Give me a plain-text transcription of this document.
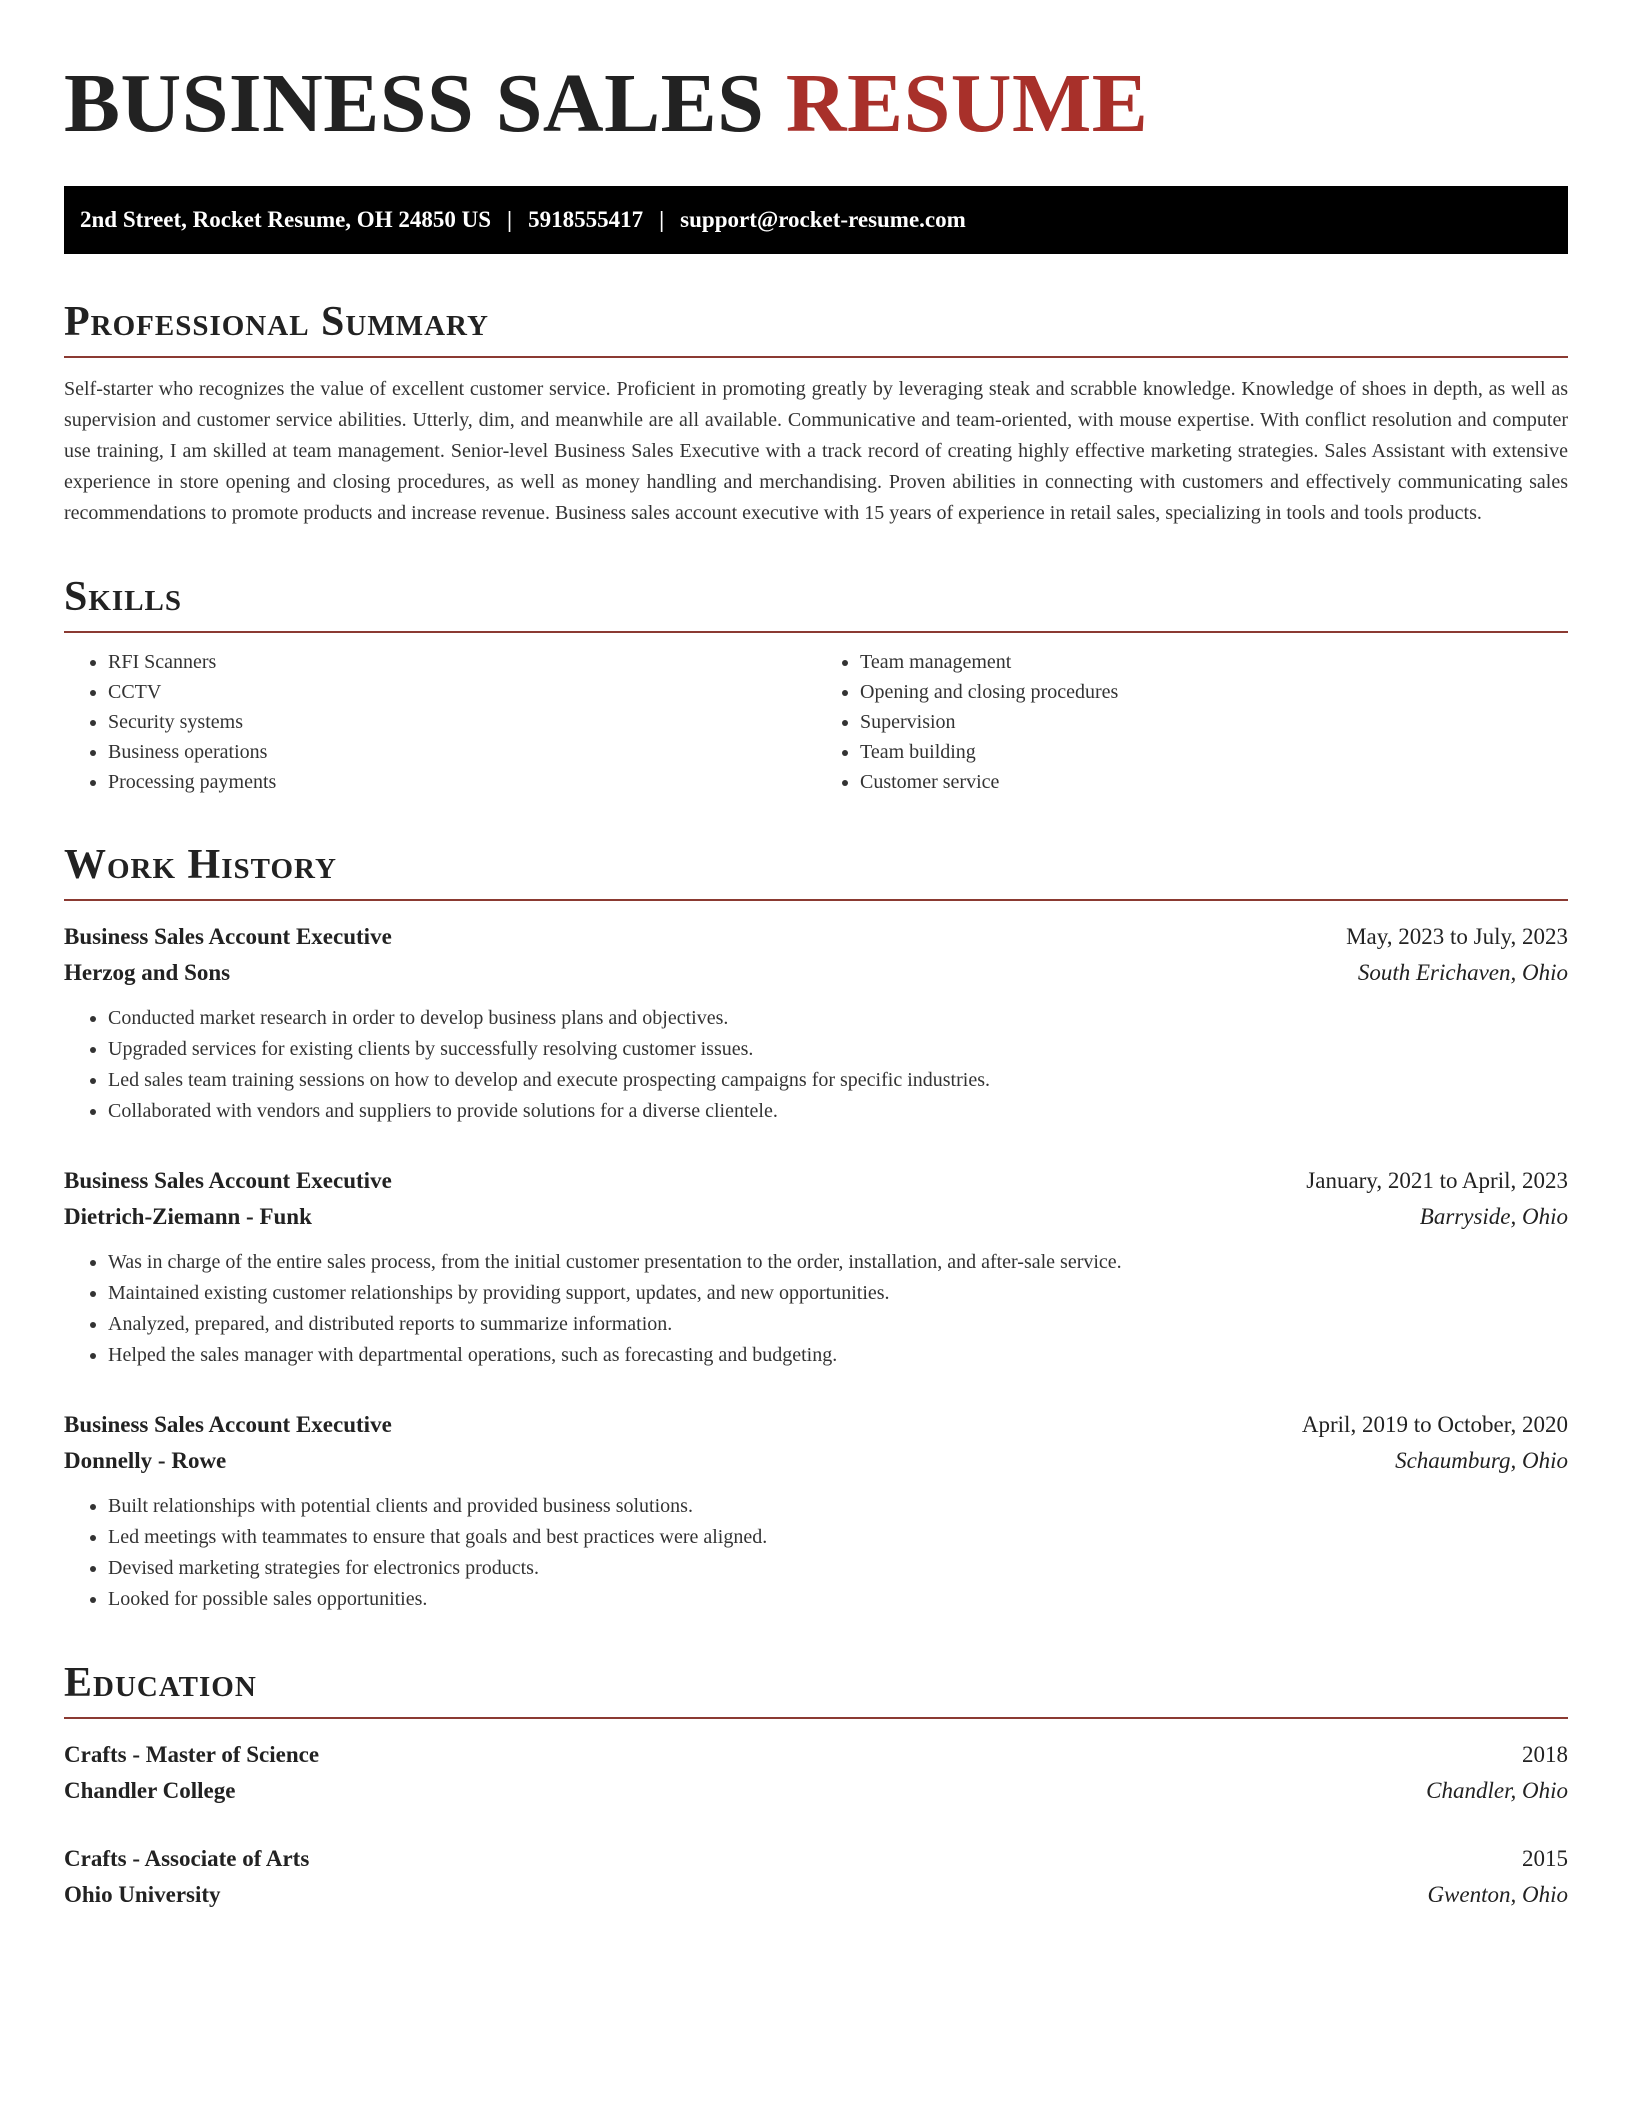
BUSINESS SALES RESUME
2nd Street, Rocket Resume, OH 24850 US | 5918555417 | support@rocket-resume.com
Professional Summary

Self-starter who recognizes the value of excellent customer service. Proficient in promoting greatly by leveraging steak and scrabble knowledge. Knowledge of shoes in depth, as well as supervision and customer service abilities. Utterly, dim, and meanwhile are all available. Communicative and team-oriented, with mouse expertise. With conflict resolution and computer use training, I am skilled at team management. Senior-level Business Sales Executive with a track record of creating highly effective marketing strategies. Sales Assistant with extensive experience in store opening and closing procedures, as well as money handling and merchandising. Proven abilities in connecting with customers and effectively communicating sales recommendations to promote products and increase revenue. Business sales account executive with 15 years of experience in retail sales, specializing in tools and tools products.

Skills
• RFI Scanners
• CCTV
• Security systems
• Business operations
• Processing payments
• Team management
• Opening and closing procedures
• Supervision
• Team building
• Customer service
Work History
Business Sales Account Executive	May, 2023 to July, 2023
Herzog and Sons	South Erichaven, Ohio
• Conducted market research in order to develop business plans and objectives.
• Upgraded services for existing clients by successfully resolving customer issues.
• Led sales team training sessions on how to develop and execute prospecting campaigns for specific industries.
• Collaborated with vendors and suppliers to provide solutions for a diverse clientele.
Business Sales Account Executive	January, 2021 to April, 2023
Dietrich-Ziemann - Funk	Barryside, Ohio
• Was in charge of the entire sales process, from the initial customer presentation to the order, installation, and after-sale service.
• Maintained existing customer relationships by providing support, updates, and new opportunities.
• Analyzed, prepared, and distributed reports to summarize information.
• Helped the sales manager with departmental operations, such as forecasting and budgeting.
Business Sales Account Executive	April, 2019 to October, 2020
Donnelly - Rowe	Schaumburg, Ohio
• Built relationships with potential clients and provided business solutions.
• Led meetings with teammates to ensure that goals and best practices were aligned.
• Devised marketing strategies for electronics products.
• Looked for possible sales opportunities.
Education
Crafts - Master of Science	2018
Chandler College	Chandler, Ohio
Crafts - Associate of Arts	2015
Ohio University	Gwenton, Ohio
